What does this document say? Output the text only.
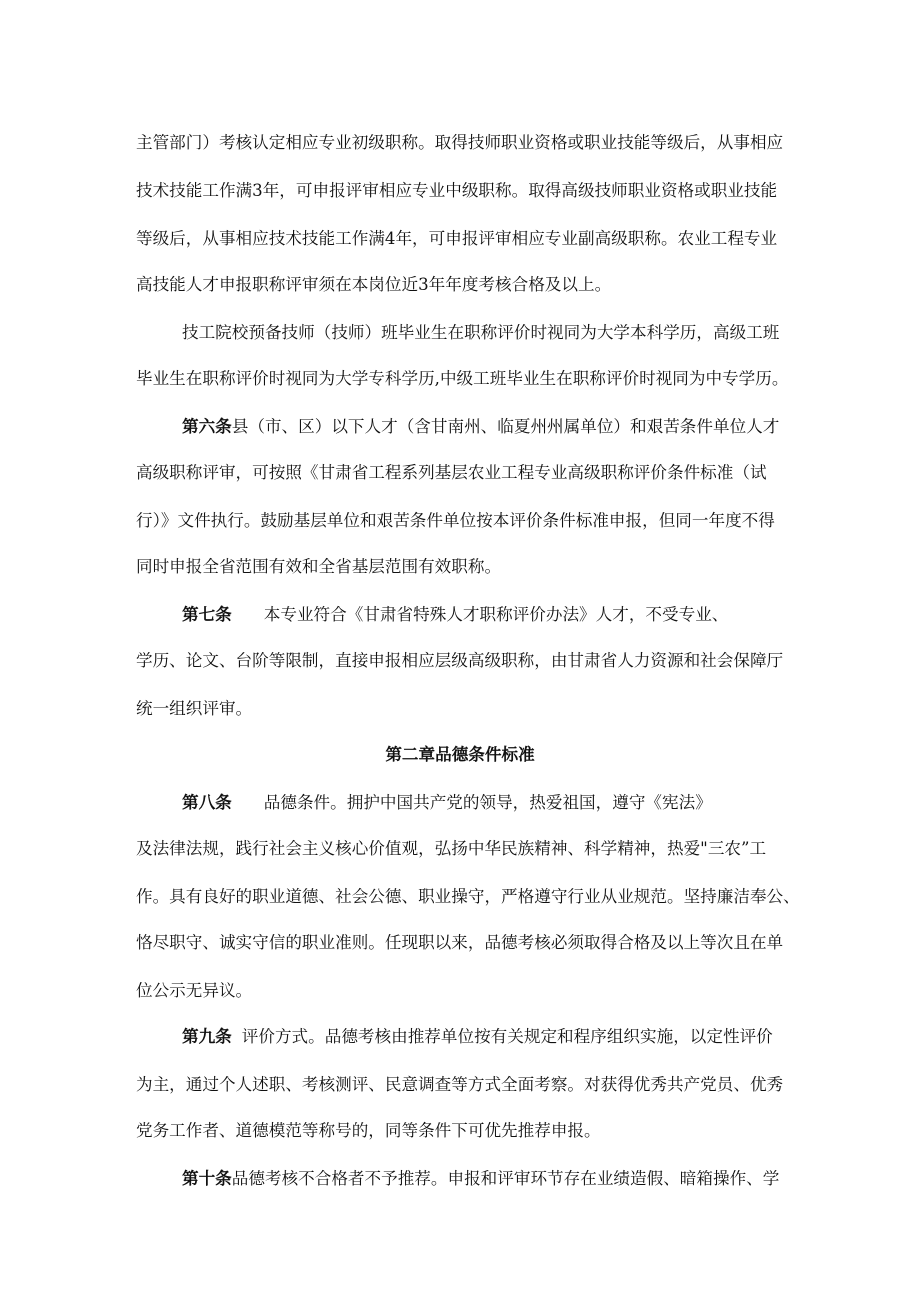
主管部门）考核认定相应专业初级职称。取得技师职业资格或职业技能等级后，从事相应
技术技能工作满3年，可申报评审相应专业中级职称。取得高级技师职业资格或职业技能
等级后，从事相应技术技能工作满4年，可申报评审相应专业副高级职称。农业工程专业
高技能人才申报职称评审须在本岗位近3年年度考核合格及以上。
技工院校预备技师（技师）班毕业生在职称评价时视同为大学本科学历，高级工班
毕业生在职称评价时视同为大学专科学历,中级工班毕业生在职称评价时视同为中专学历。
第六条县（市、区）以下人才（含甘南州、临夏州州属单位）和艰苦条件单位人才
高级职称评审，可按照《甘肃省工程系列基层农业工程专业高级职称评价条件标准（试
行）》文件执行。鼓励基层单位和艰苦条件单位按本评价条件标准申报，但同一年度不得
同时申报全省范围有效和全省基层范围有效职称。
第七条 本专业符合《甘肃省特殊人才职称评价办法》人才，不受专业、
学历、论文、台阶等限制，直接申报相应层级高级职称，由甘肃省人力资源和社会保障厅
统一组织评审。
第二章品德条件标准
第八条 品德条件。拥护中国共产党的领导，热爱祖国，遵守《宪法》
及法律法规，践行社会主义核心价值观，弘扬中华民族精神、科学精神，热爱"三农”工
作。具有良好的职业道德、社会公德、职业操守，严格遵守行业从业规范。坚持廉洁奉公、
恪尽职守、诚实守信的职业准则。任现职以来，品德考核必须取得合格及以上等次且在单
位公示无异议。
第九条 评价方式。品德考核由推荐单位按有关规定和程序组织实施，以定性评价
为主，通过个人述职、考核测评、民意调查等方式全面考察。对获得优秀共产党员、优秀
党务工作者、道德模范等称号的，同等条件下可优先推荐申报。
第十条品德考核不合格者不予推荐。申报和评审环节存在业绩造假、暗箱操作、学
